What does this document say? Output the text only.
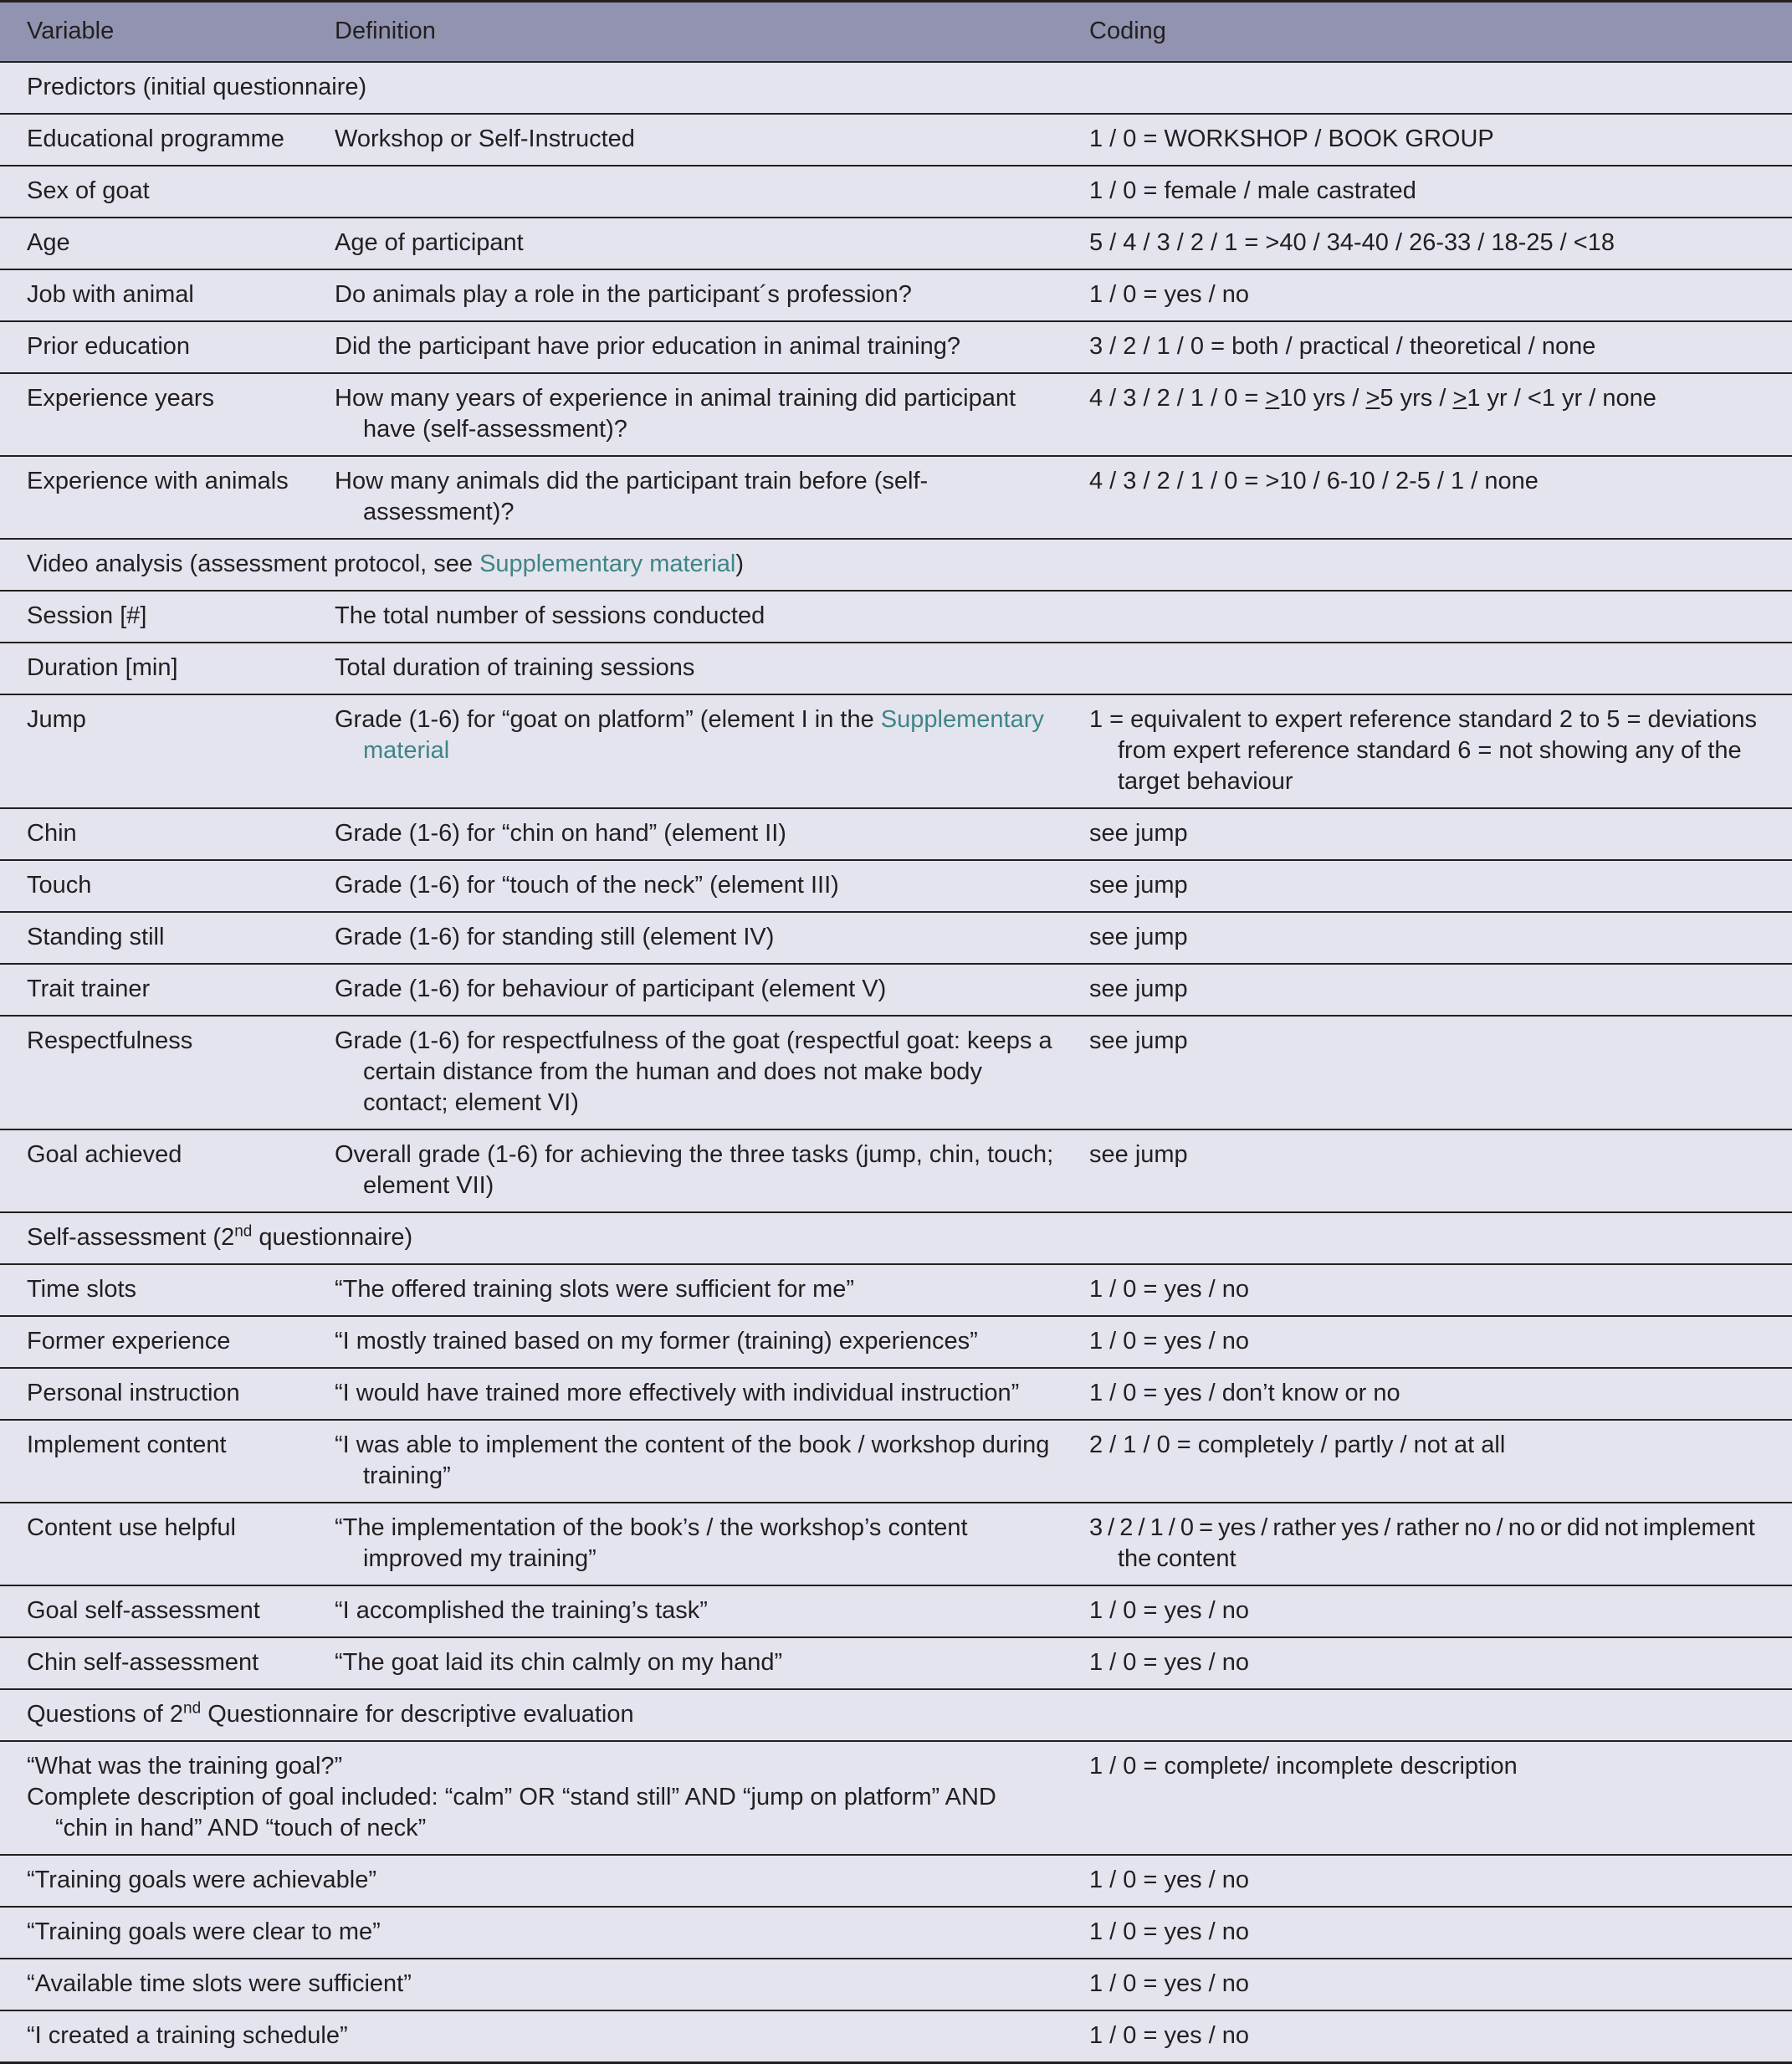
Variable	Definition	Coding
Predictors (initial questionnaire)		
Educational programme	Workshop or Self-Instructed	1 / 0 = WORKSHOP / BOOK GROUP
Sex of goat		1 / 0 = female / male castrated
Age	Age of participant	5 / 4 / 3 / 2 / 1 = >40 / 34-40 / 26-33 / 18-25 / <18
Job with animal	Do animals play a role in the participant´s profession?	1 / 0 = yes / no
Prior education	Did the participant have prior education in animal training?	3 / 2 / 1 / 0 = both / practical / theoretical / none
Experience years	How many years of experience in animal training did participant have (self-assessment)?	4 / 3 / 2 / 1 / 0 = ≥10 yrs / ≥5 yrs / ≥1 yr / <1 yr / none
Experience with animals	How many animals did the participant train before (self-assessment)?	4 / 3 / 2 / 1 / 0 = >10 / 6-10 / 2-5 / 1 / none
Video analysis (assessment protocol, see Supplementary material)		
Session [#]	The total number of sessions conducted	
Duration [min]	Total duration of training sessions	
Jump	Grade (1-6) for “goat on platform” (element I in the Supplementary material	1 = equivalent to expert reference standard 2 to 5 = deviations from expert reference standard 6 = not showing any of the target behaviour

Chin	Grade (1-6) for “chin on hand” (element II)	see jump
Touch	Grade (1-6) for “touch of the neck” (element III)	see jump
Standing still	Grade (1-6) for standing still (element IV)	see jump
Trait trainer	Grade (1-6) for behaviour of participant (element V)	see jump
Respectfulness	Grade (1-6) for respectfulness of the goat (respectful goat: keeps a certain distance from the human and does not make body contact; element VI)	see jump
Goal achieved	Overall grade (1-6) for achieving the three tasks (jump, chin, touch; element VII)	see jump
Self-assessment (2nd questionnaire)		
Time slots	“The offered training slots were sufficient for me”	1 / 0 = yes / no
Former experience	“I mostly trained based on my former (training) experiences”	1 / 0 = yes / no
Personal instruction	“I would have trained more effectively with individual instruction”	1 / 0 = yes / don’t know or no
Implement content	“I was able to implement the content of the book / workshop during training”	2 / 1 / 0 = completely / partly / not at all
Content use helpful	“The implementation of the book’s / the workshop’s content improved my training”	3 / 2 / 1 / 0 = yes / rather yes / rather no / no or did not implement the content

Goal self-assessment	“I accomplished the training’s task”	1 / 0 = yes / no
Chin self-assessment	“The goat laid its chin calmly on my hand”	1 / 0 = yes / no
Questions of 2nd Questionnaire for descriptive evaluation		

“What was the training goal?”
Complete description of goal included: “calm” OR “stand still” AND “jump on platform” AND “chin in hand” AND “touch of neck”		1 / 0 = complete/ incomplete description
“Training goals were achievable”		1 / 0 = yes / no
“Training goals were clear to me”		1 / 0 = yes / no
“Available time slots were sufficient”		1 / 0 = yes / no
“I created a training schedule”		1 / 0 = yes / no
